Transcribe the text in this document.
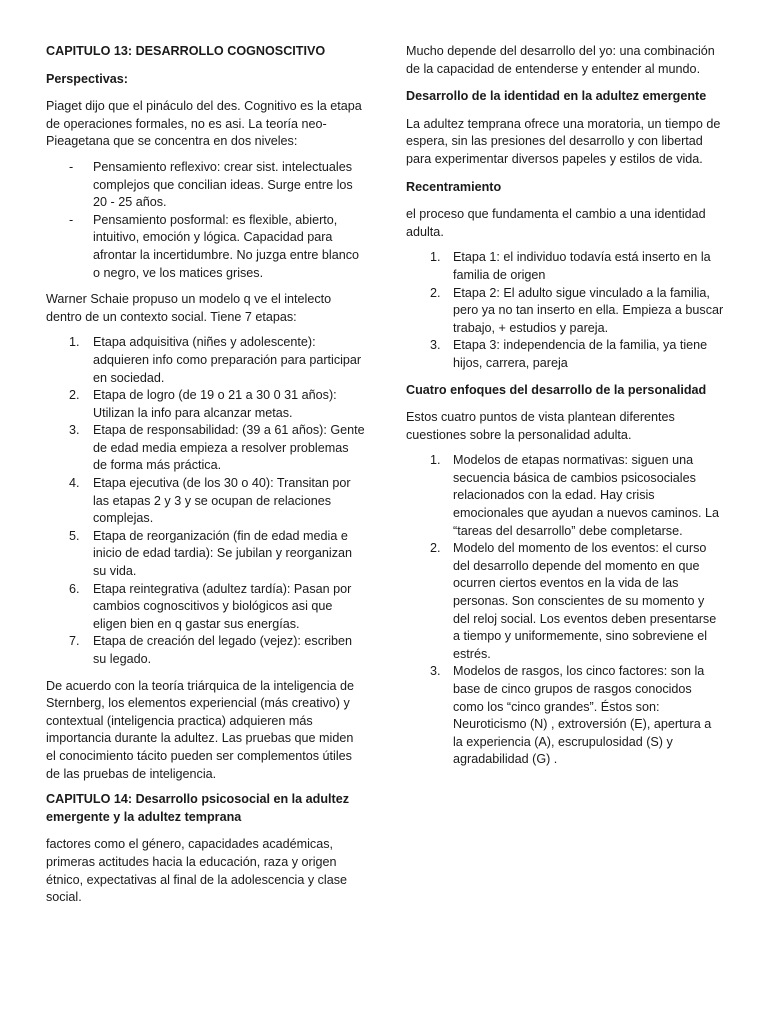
CAPITULO 13: DESARROLLO COGNOSCITIVO
Perspectivas:

Piaget dijo que el pináculo del des. Cognitivo es la etapa de operaciones formales, no es asi. La teoría neo-Pieagetana que se concentra en dos niveles:

- Pensamiento reflexivo: crear sist. intelectuales complejos que concilian ideas. Surge entre los 20 - 25 años.
- Pensamiento posformal: es flexible, abierto, intuitivo, emoción y lógica. Capacidad para afrontar la incertidumbre. No juzga entre blanco o negro, ve los matices grises.

Warner Schaie propuso un modelo q ve el intelecto dentro de un contexto social. Tiene 7 etapas:

1. Etapa adquisitiva (niñes y adolescente): adquieren info como preparación para participar en sociedad.
2. Etapa de logro (de 19 o 21 a 30 0 31 años): Utilizan la info para alcanzar metas.
3. Etapa de responsabilidad: (39 a 61 años): Gente de edad media empieza a resolver problemas de forma más práctica.
4. Etapa ejecutiva (de los 30 o 40): Transitan por las etapas 2 y 3 y se ocupan de relaciones complejas.
5. Etapa de reorganización (fin de edad media e inicio de edad tardia): Se jubilan y reorganizan su vida.
6. Etapa reintegrativa (adultez tardía): Pasan por cambios cognoscitivos y biológicos asi que eligen bien en q gastar sus energías.
7. Etapa de creación del legado (vejez): escriben su legado.

De acuerdo con la teoría triárquica de la inteligencia de Sternberg, los elementos experiencial (más creativo) y contextual (inteligencia practica) adquieren más importancia durante la adultez. Las pruebas que miden el conocimiento tácito pueden ser complementos útiles de las pruebas de inteligencia.

CAPITULO 14: Desarrollo psicosocial en la adultez emergente y la adultez temprana

factores como el género, capacidades académicas, primeras actitudes hacia la educación, raza y origen étnico, expectativas al final de la adolescencia y clase social.

Mucho depende del desarrollo del yo: una combinación de la capacidad de entenderse y entender al mundo.

Desarrollo de la identidad en la adultez emergente

La adultez temprana ofrece una moratoria, un tiempo de espera, sin las presiones del desarrollo y con libertad para experimentar diversos papeles y estilos de vida.

Recentramiento

el proceso que fundamenta el cambio a una identidad adulta.

1. Etapa 1: el individuo todavía está inserto en la familia de origen
2. Etapa 2: El adulto sigue vinculado a la familia, pero ya no tan inserto en ella. Empieza a buscar trabajo, + estudios y pareja.
3. Etapa 3: independencia de la familia, ya tiene hijos, carrera, pareja
Cuatro enfoques del desarrollo de la personalidad

Estos cuatro puntos de vista plantean diferentes cuestiones sobre la personalidad adulta.

1. Modelos de etapas normativas: siguen una secuencia básica de cambios psicosociales relacionados con la edad. Hay crisis emocionales que ayudan a nuevos caminos. La “tareas del desarrollo” debe completarse.
2. Modelo del momento de los eventos: el curso del desarrollo depende del momento en que ocurren ciertos eventos en la vida de las personas. Son conscientes de su momento y del reloj social. Los eventos deben presentarse a tiempo y uniformemente, sino sobreviene el estrés.
3. Modelos de rasgos, los cinco factores: son la base de cinco grupos de rasgos conocidos como los “cinco grandes”. Éstos son: Neuroticismo (N) , extroversión (E), apertura a la experiencia (A), escrupulosidad (S) y agradabilidad (G) .
